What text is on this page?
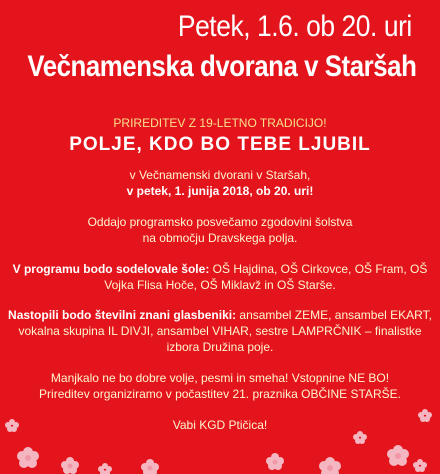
Petek, 1.6. ob 20. uri
Večnamenska dvorana v Staršah
PRIREDITEV Z 19-LETNO TRADICIJO!
POLJE, KDO BO TEBE LJUBIL

v Večnamenski dvorani v Staršah,

v petek, 1. junija 2018, ob 20. uri!

Oddajo programsko posvečamo zgodovini šolstva

na območju Dravskega polja.

V programu bodo sodelovale šole: OŠ Hajdina, OŠ Cirkovce, OŠ Fram, OŠ

Vojka Flisa Hoče, OŠ Miklavž in OŠ Starše.

Nastopili bodo številni znani glasbeniki: ansambel ZEME, ansambel EKART,

vokalna skupina IL DIVJI, ansambel VIHAR, sestre LAMPRČNIK – finalistke

izbora Družina poje.

Manjkalo ne bo dobre volje, pesmi in smeha! Vstopnine NE BO!

Prireditev organiziramo v počastitev 21. praznika OBČINE STARŠE.

Vabi KGD Ptičica!
